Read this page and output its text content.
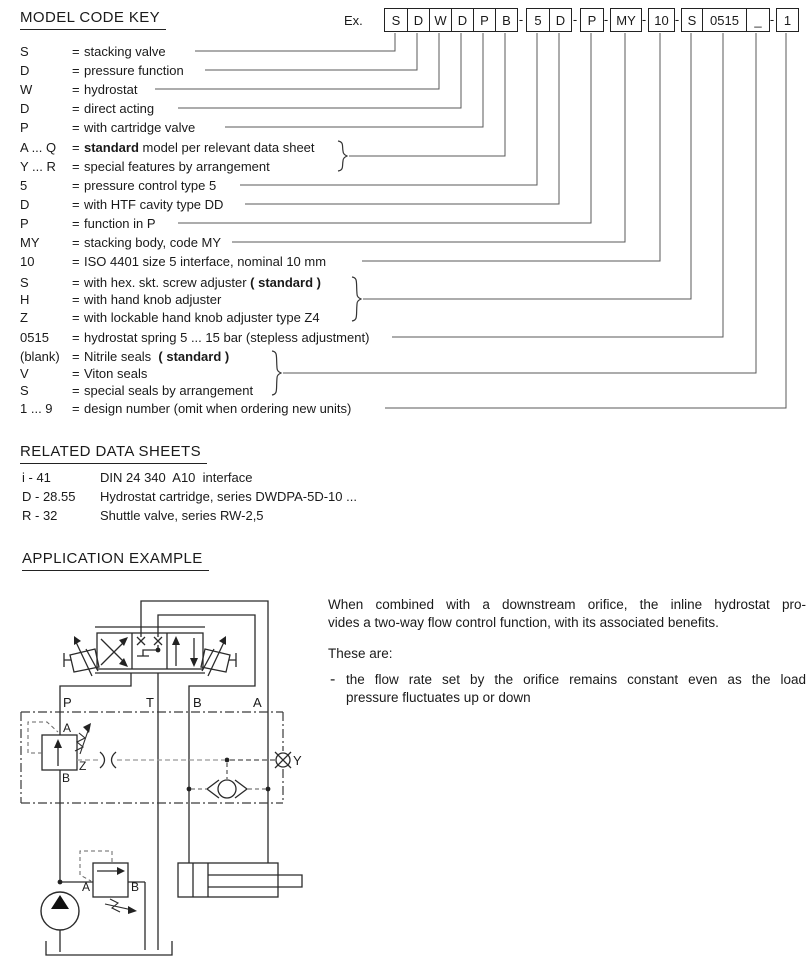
MODEL CODE KEY	Ex.	S	D W D P	B - 5	D - P - MY - 10 - S	0515	_ - 1
S	= stacking valve
D	= pressure function
W	= hydrostat
D	= direct acting
P	= with cartridge valve
A ... Q = standard model per relevant data sheet
Y ... R = special features by arrangement
5	= pressure control type 5
D	= with HTF cavity type DD
P	= function in P
MY	= stacking body, code MY
10	= ISO 4401 size 5 interface, nominal 10 mm
S	= with hex. skt. screw adjuster ( standard )
H	= with hand knob adjuster
Z	= with lockable hand knob adjuster type Z4
0515 = hydrostat spring 5 ... 15 bar (stepless adjustment)
(blank) = Nitrile seals  ( standard )
V	= Viton seals
S	= special seals by arrangement
1 ... 9 = design number (omit when ordering new units)
RELATED DATA SHEETS
i - 41	DIN 24 340  A10  interface
D - 28.55 Hydrostat cartridge, series DWDPA-5D-10 ...
R - 32	Shuttle valve, series RW-2,5
APPLICATION EXAMPLE
When combined with a downstream orifice, the inline hydrostat pro-
vides a two-way flow control function, with its associated benefits.
These are:
- the flow rate set by the orifice remains constant even as the load
pressure fluctuates up or down
P	T	B	A
A
B
Z
A	B
Y
